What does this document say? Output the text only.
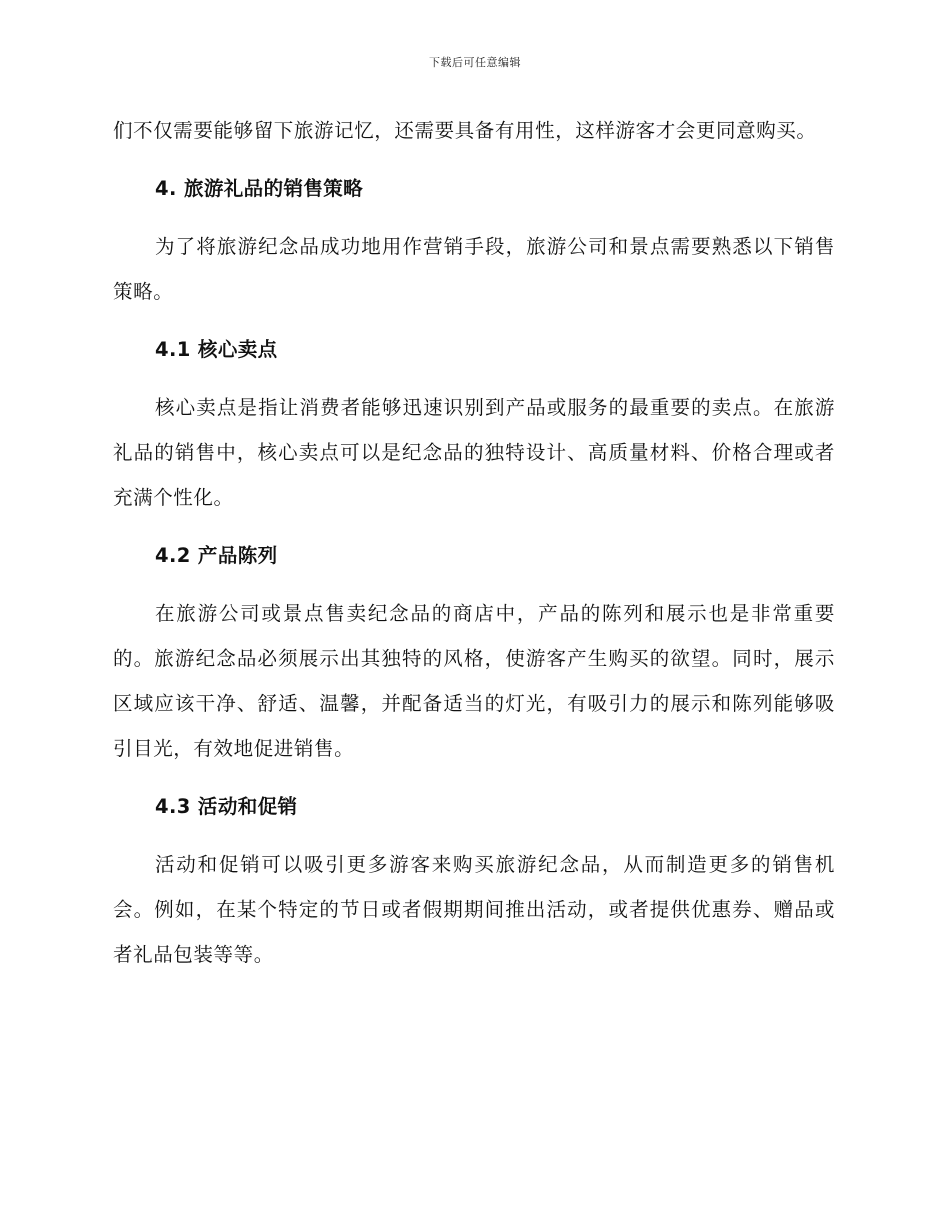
下载后可任意编辑

们不仅需要能够留下旅游记忆，还需要具备有用性，这样游客才会更同意购买。

4. 旅游礼品的销售策略

为了将旅游纪念品成功地用作营销手段，旅游公司和景点需要熟悉以下销售策略。

4.1 核心卖点

核心卖点是指让消费者能够迅速识别到产品或服务的最重要的卖点。在旅游礼品的销售中，核心卖点可以是纪念品的独特设计、高质量材料、价格合理或者充满个性化。

4.2 产品陈列

在旅游公司或景点售卖纪念品的商店中，产品的陈列和展示也是非常重要的。旅游纪念品必须展示出其独特的风格，使游客产生购买的欲望。同时，展示区域应该干净、舒适、温馨，并配备适当的灯光，有吸引力的展示和陈列能够吸引目光，有效地促进销售。

4.3 活动和促销

活动和促销可以吸引更多游客来购买旅游纪念品，从而制造更多的销售机会。例如，在某个特定的节日或者假期期间推出活动，或者提供优惠券、赠品或者礼品包装等等。
